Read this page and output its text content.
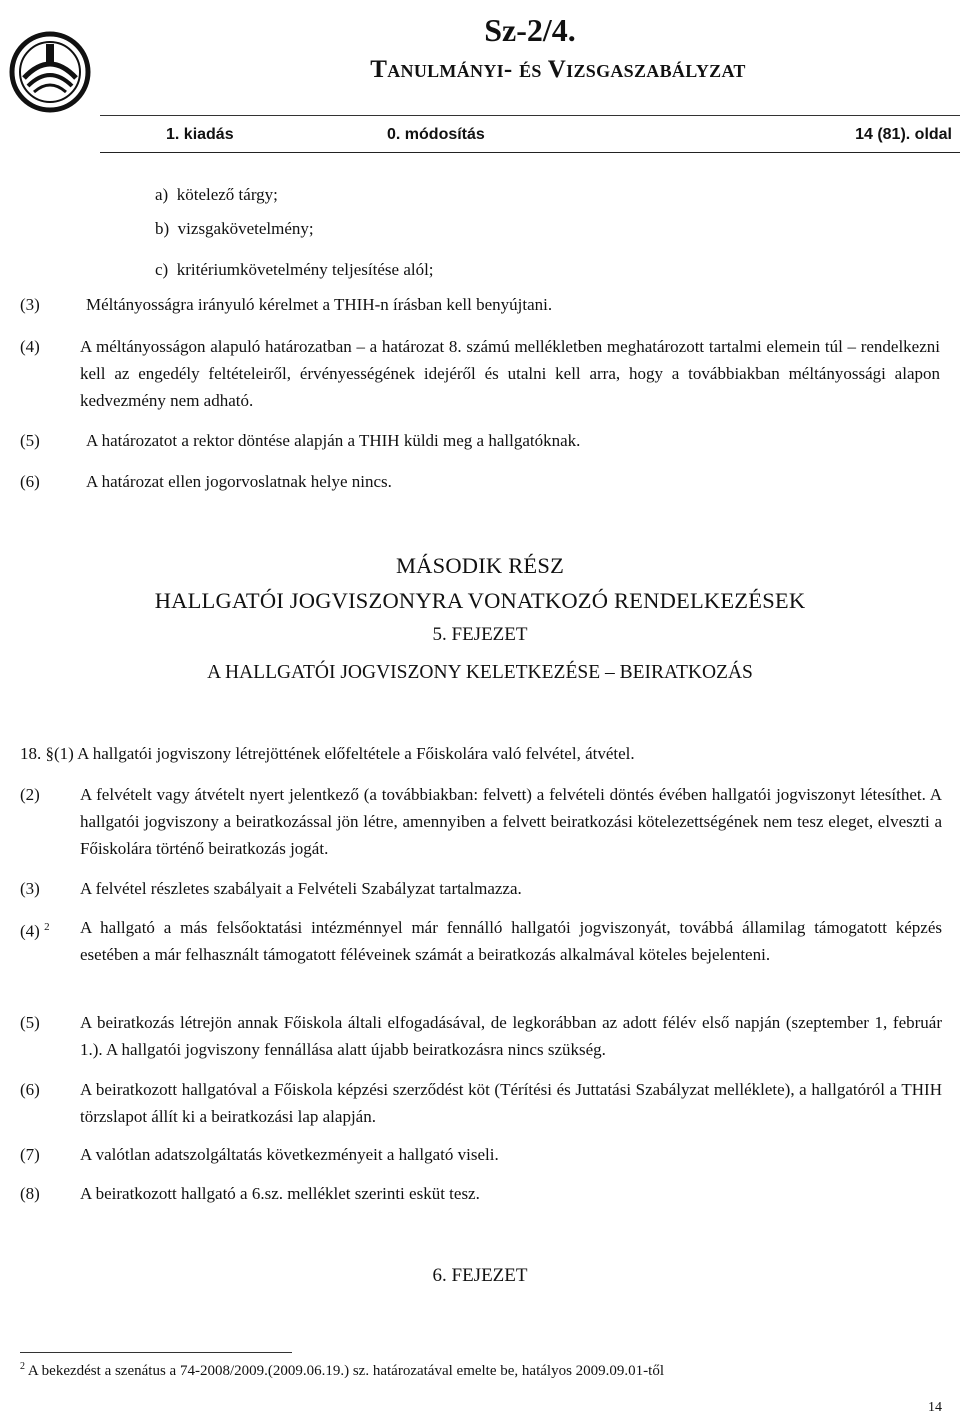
Sz-2/4.
Tanulmányi- és Vizsgaszabályzat
1. kiadás	0. módosítás	14 (81). oldal
a) kötelező tárgy;
b) vizsgakövetelmény;
c) kritériumkövetelmény teljesítése alól;
(3)	Méltányosságra irányuló kérelmet a THIH-n írásban kell benyújtani.
(4) A méltányosságon alapuló határozatban – a határozat 8. számú mellékletben meghatározott tartalmi elemein túl – rendelkezni kell az engedély feltételeiről, érvényességének idejéről és utalni kell arra, hogy a továbbiakban méltányossági alapon kedvezmény nem adható.
(5)	A határozatot a rektor döntése alapján a THIH küldi meg a hallgatóknak.
(6)	A határozat ellen jogorvoslatnak helye nincs.
MÁSODIK RÉSZ
HALLGATÓI JOGVISZONYRA VONATKOZÓ RENDELKEZÉSEK
5. FEJEZET
A HALLGATÓI JOGVISZONY KELETKEZÉSE – BEIRATKOZÁS
18. §(1) A hallgatói jogviszony létrejöttének előfeltétele a Főiskolára való felvétel, átvétel.
(2) A felvételt vagy átvételt nyert jelentkező (a továbbiakban: felvett) a felvételi döntés évében hallgatói jogviszonyt létesíthet. A hallgatói jogviszony a beiratkozással jön létre, amennyiben a felvett beiratkozási kötelezettségének nem tesz eleget, elveszti a Főiskolára történő beiratkozás jogát.
(3) A felvétel részletes szabályait a Felvételi Szabályzat tartalmazza.
(4) $^2$ A hallgató a más felsőoktatási intézménnyel már fennálló hallgatói jogviszonyát, továbbá államilag támogatott képzés esetében a már felhasznált támogatott féléveinek számát a beiratkozás alkalmával köteles bejelenteni.
(5) A beiratkozás létrejön annak Főiskola általi elfogadásával, de legkorábban az adott félév első napján (szeptember 1, február 1.). A hallgatói jogviszony fennállása alatt újabb beiratkozásra nincs szükség.
(6) A beiratkozott hallgatóval a Főiskola képzési szerződést köt (Térítési és Juttatási Szabályzat melléklete), a hallgatóról a THIH törzslapot állít ki a beiratkozási lap alapján.
(7) A valótlan adatszolgáltatás következményeit a hallgató viseli.
(8) A beiratkozott hallgató a 6.sz. melléklet szerinti esküt tesz.
6. FEJEZET
$^2$ A bekezdést a szenátus a 74-2008/2009.(2009.06.19.) sz. határozatával emelte be, hatályos 2009.09.01-től
14
